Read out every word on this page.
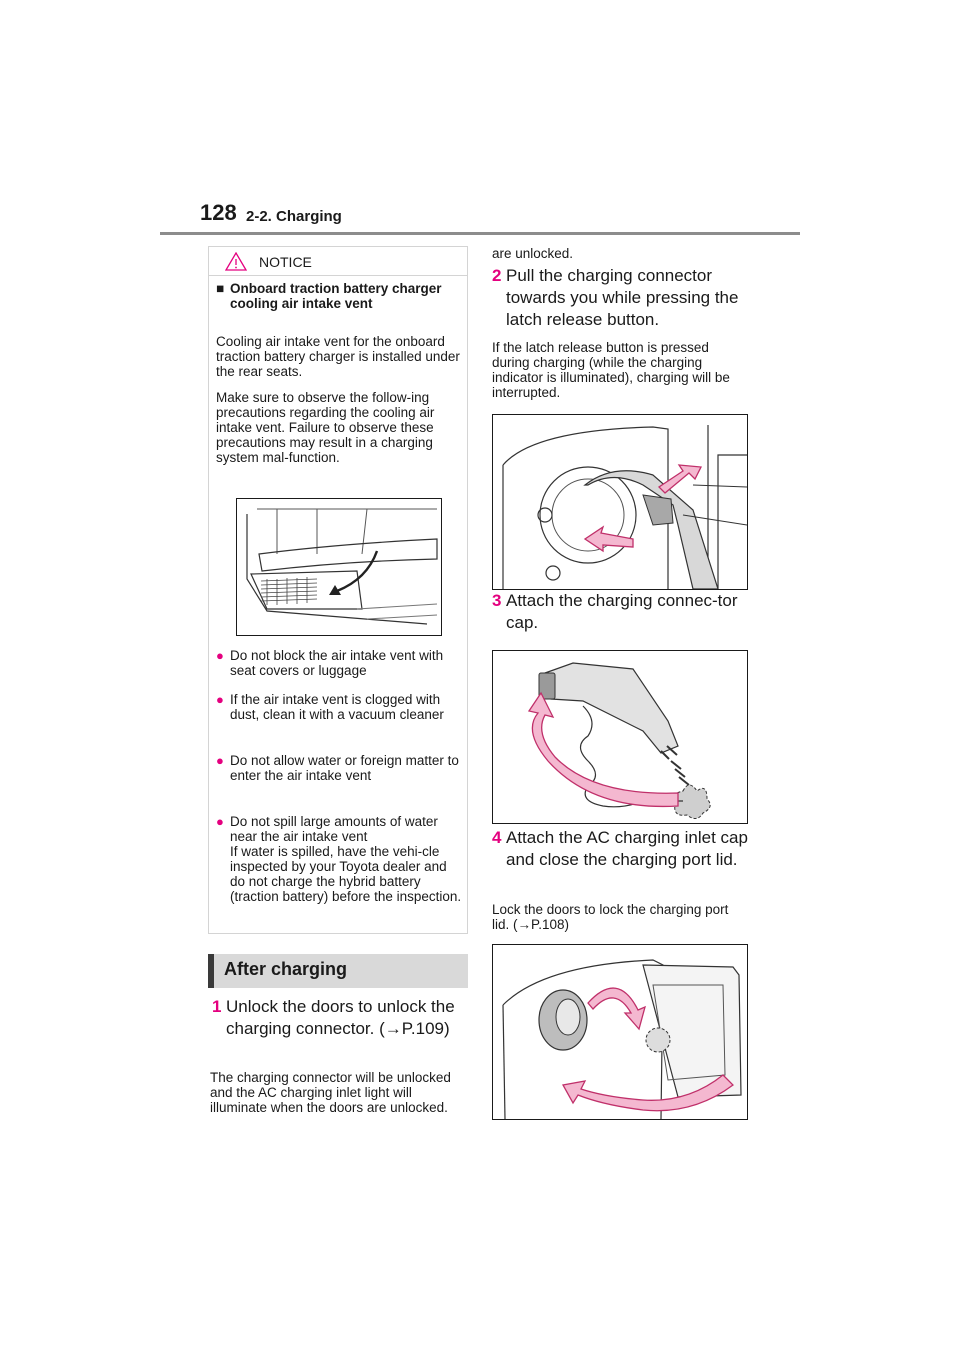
128 2-2. Charging
NOTICE
■ Onboard traction battery charger cooling air intake vent
Cooling air intake vent for the onboard traction battery charger is installed under the rear seats.
Make sure to observe the follow-ing precautions regarding the cooling air intake vent. Failure to observe these precautions may result in a charging system mal-function.
● Do not block the air intake vent with seat covers or luggage
● If the air intake vent is clogged with dust, clean it with a vacuum cleaner
● Do not allow water or foreign matter to enter the air intake vent
● Do not spill large amounts of water near the air intake vent
If water is spilled, have the vehi-cle inspected by your Toyota dealer and do not charge the hybrid battery (traction battery) before the inspection.
After charging
1 Unlock the doors to unlock the charging connector. (→P.109)
The charging connector will be unlocked and the AC charging inlet light will illuminate when the doors are unlocked.
are unlocked.
2 Pull the charging connector towards you while pressing the latch release button.
If the latch release button is pressed during charging (while the charging indicator is illuminated), charging will be interrupted.
3 Attach the charging connec-tor cap.
4 Attach the AC charging inlet cap and close the charging port lid.
Lock the doors to lock the charging port lid. (→P.108)
